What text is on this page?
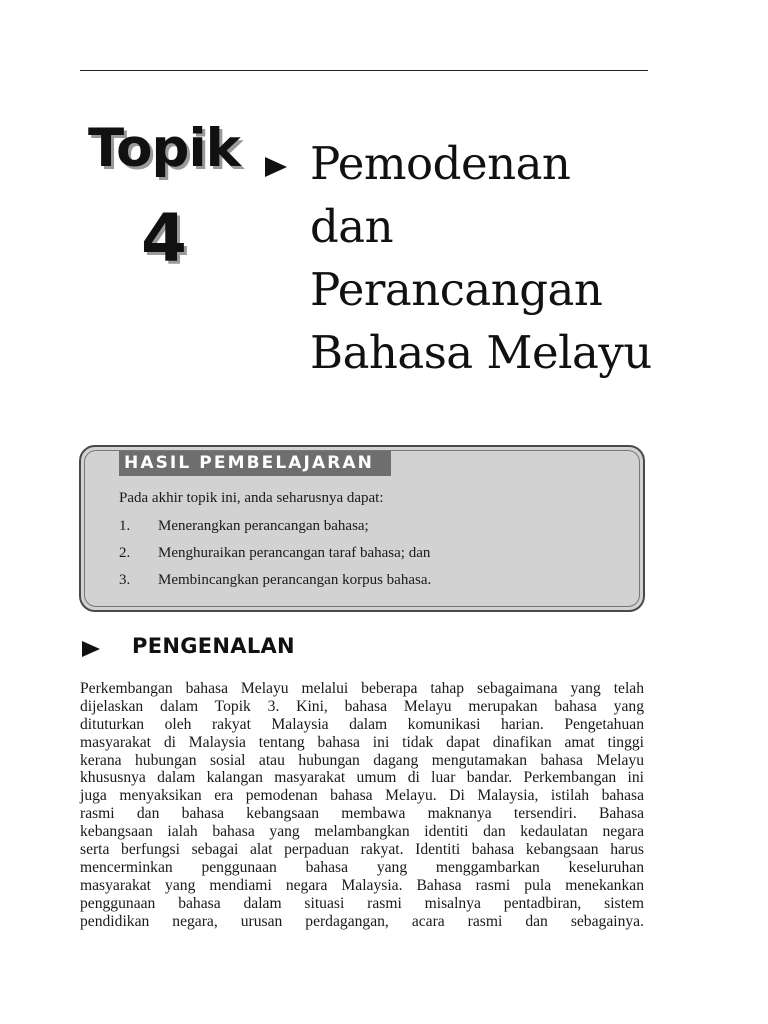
Topik
4
Pemodenan
dan
Perancangan
Bahasa Melayu
HASIL PEMBELAJARAN
Pada akhir topik ini, anda seharusnya dapat:
1. Menerangkan perancangan bahasa;
2. Menghuraikan perancangan taraf bahasa; dan
3. Membincangkan perancangan korpus bahasa.
PENGENALAN

Perkembangan bahasa Melayu melalui beberapa tahap sebagaimana yang telah
dijelaskan dalam Topik 3. Kini, bahasa Melayu merupakan bahasa yang
dituturkan oleh rakyat Malaysia dalam komunikasi harian. Pengetahuan
masyarakat di Malaysia tentang bahasa ini tidak dapat dinafikan amat tinggi
kerana hubungan sosial atau hubungan dagang mengutamakan bahasa Melayu
khususnya dalam kalangan masyarakat umum di luar bandar. Perkembangan ini
juga menyaksikan era pemodenan bahasa Melayu. Di Malaysia, istilah bahasa
rasmi dan bahasa kebangsaan membawa maknanya tersendiri. Bahasa
kebangsaan ialah bahasa yang melambangkan identiti dan kedaulatan negara
serta berfungsi sebagai alat perpaduan rakyat. Identiti bahasa kebangsaan harus
mencerminkan penggunaan bahasa yang menggambarkan keseluruhan
masyarakat yang mendiami negara Malaysia. Bahasa rasmi pula menekankan
penggunaan bahasa dalam situasi rasmi misalnya pentadbiran, sistem
pendidikan negara, urusan perdagangan, acara rasmi dan sebagainya.
